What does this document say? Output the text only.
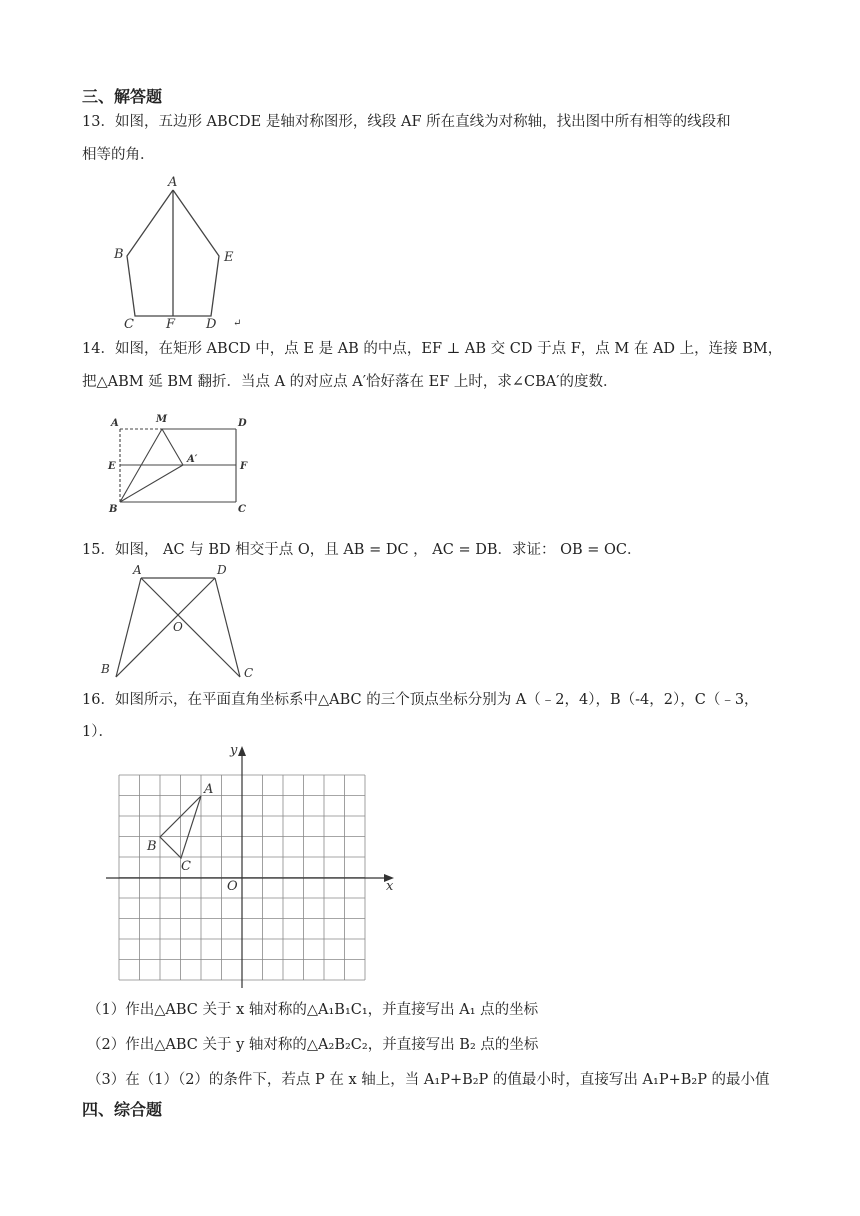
三、解答题
13．如图，五边形 ABCDE 是轴对称图形，线段 AF 所在直线为对称轴，找出图中所有相等的线段和
相等的角．
A
B	E
C F D ↵
14．如图，在矩形 ABCD 中，点 E 是 AB 的中点，EF ⊥ AB 交 CD 于点 F，点 M 在 AD 上，连接 BM，
把△ABM 延 BM 翻折．当点 A 的对应点 A′恰好落在 EF 上时，求∠CBA′的度数．
A	M	D
E
A′
F
B	C
15．如图， AC 与 BD 相交于点 O，且 AB = DC ， AC = DB．求证： OB = OC．
A	D
O
B	C
16．如图所示，在平面直角坐标系中△ABC 的三个顶点坐标分别为 A（﹣2，4），B（-4，2），C（﹣3，
1）．
A
B
C
O	x
y
（1）作出△ABC 关于 x 轴对称的△A₁B₁C₁，并直接写出 A₁ 点的坐标
（2）作出△ABC 关于 y 轴对称的△A₂B₂C₂，并直接写出 B₂ 点的坐标
（3）在（1）（2）的条件下，若点 P 在 x 轴上，当 A₁P+B₂P 的值最小时，直接写出 A₁P+B₂P 的最小值
四、综合题
